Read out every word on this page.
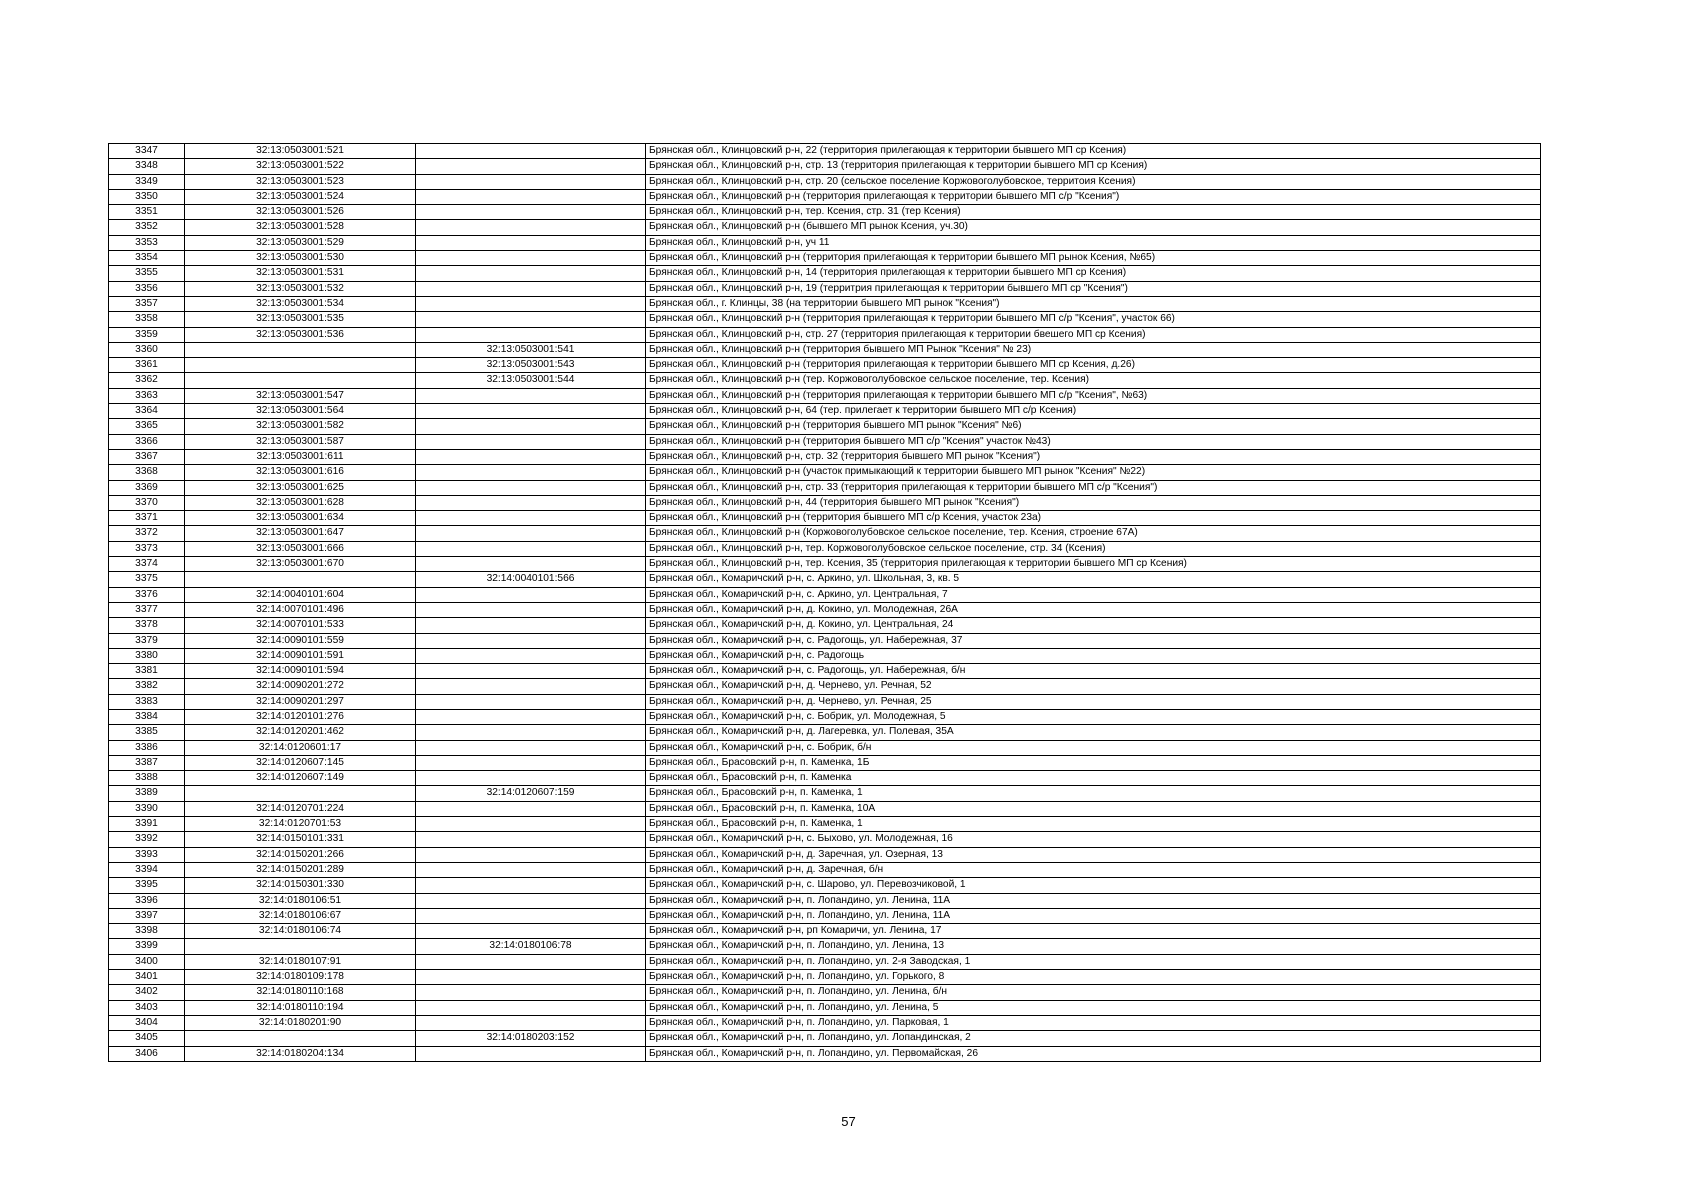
3347	32:13:0503001:521		Брянская обл., Клинцовский р-н, 22 (территория прилегающая к территории бывшего МП ср Ксения)
3348	32:13:0503001:522		Брянская обл., Клинцовский р-н, стр. 13 (территория прилегающая к территории бывшего МП ср Ксения)
3349	32:13:0503001:523		Брянская обл., Клинцовский р-н, стр. 20 (сельское поселение Коржовоголубовское, территоия Ксения)
3350	32:13:0503001:524		Брянская обл., Клинцовский р-н (территория прилегающая к территории бывшего МП с/р "Ксения")
3351	32:13:0503001:526		Брянская обл., Клинцовский р-н, тер. Ксения, стр. 31 (тер Ксения)
3352	32:13:0503001:528		Брянская обл., Клинцовский р-н (бывшего МП рынок Ксения, уч.30)
3353	32:13:0503001:529		Брянская обл., Клинцовский р-н, уч 11
3354	32:13:0503001:530		Брянская обл., Клинцовский р-н (территория прилегающая к территории бывшего МП рынок Ксения, №65)
3355	32:13:0503001:531		Брянская обл., Клинцовский р-н, 14 (территория прилегающая к территории бывшего МП ср Ксения)
3356	32:13:0503001:532		Брянская обл., Клинцовский р-н, 19 (территрия прилегающая к территории бывшего МП ср "Ксения")
3357	32:13:0503001:534		Брянская обл., г. Клинцы, 38 (на территории бывшего МП рынок "Ксения")
3358	32:13:0503001:535		Брянская обл., Клинцовский р-н (территория прилегающая к территории бывшего МП с/р "Ксения", участок 66)
3359	32:13:0503001:536		Брянская обл., Клинцовский р-н, стр. 27 (территория прилегающая к территории бвешего МП ср Ксения)
3360		32:13:0503001:541	Брянская обл., Клинцовский р-н (территория бывшего МП Рынок "Ксения" № 23)
3361		32:13:0503001:543	Брянская обл., Клинцовский р-н (территория прилегающая к территории бывшего МП ср Ксения, д.26)
3362		32:13:0503001:544	Брянская обл., Клинцовский р-н (тер. Коржовоголубовское сельское поселение, тер. Ксения)
3363	32:13:0503001:547		Брянская обл., Клинцовский р-н (территория прилегающая к территории бывшего МП с/р "Ксения", №63)
3364	32:13:0503001:564		Брянская обл., Клинцовский р-н, 64 (тер. прилегает к территории бывшего МП с/р Ксения)
3365	32:13:0503001:582		Брянская обл., Клинцовский р-н (территория бывшего МП рынок "Ксения" №6)
3366	32:13:0503001:587		Брянская обл., Клинцовский р-н (территория бывшего МП с/р "Ксения" участок №43)
3367	32:13:0503001:611		Брянская обл., Клинцовский р-н, стр. 32 (территория бывшего МП рынок "Ксения")
3368	32:13:0503001:616		Брянская обл., Клинцовский р-н (участок примыкающий к территории бывшего МП рынок "Ксения" №22)
3369	32:13:0503001:625		Брянская обл., Клинцовский р-н, стр. 33 (территория прилегающая к территории бывшего МП с/р "Ксения")
3370	32:13:0503001:628		Брянская обл., Клинцовский р-н, 44 (территория бывшего МП рынок "Ксения")
3371	32:13:0503001:634		Брянская обл., Клинцовский р-н (территория бывшего МП с/р Ксения, участок 23а)
3372	32:13:0503001:647		Брянская обл., Клинцовский р-н (Коржовоголубовское сельское поселение, тер. Ксения, строение 67А)
3373	32:13:0503001:666		Брянская обл., Клинцовский р-н, тер. Коржовоголубовское сельское поселение, стр. 34 (Ксения)
3374	32:13:0503001:670		Брянская обл., Клинцовский р-н, тер. Ксения, 35 (территория прилегающая к территории бывшего МП ср Ксения)
3375		32:14:0040101:566	Брянская обл., Комаричский р-н, с. Аркино, ул. Школьная, 3, кв. 5
3376	32:14:0040101:604		Брянская обл., Комаричский р-н, с. Аркино, ул. Центральная, 7
3377	32:14:0070101:496		Брянская обл., Комаричский р-н, д. Кокино, ул. Молодежная, 26А
3378	32:14:0070101:533		Брянская обл., Комаричский р-н, д. Кокино, ул. Центральная, 24
3379	32:14:0090101:559		Брянская обл., Комаричский р-н, с. Радогощь, ул. Набережная, 37
3380	32:14:0090101:591		Брянская обл., Комаричский р-н, с. Радогощь
3381	32:14:0090101:594		Брянская обл., Комаричский р-н, с. Радогощь, ул. Набережная, б/н
3382	32:14:0090201:272		Брянская обл., Комаричский р-н, д. Чернево, ул. Речная, 52
3383	32:14:0090201:297		Брянская обл., Комаричский р-н, д. Чернево, ул. Речная, 25
3384	32:14:0120101:276		Брянская обл., Комаричский р-н, с. Бобрик, ул. Молодежная, 5
3385	32:14:0120201:462		Брянская обл., Комаричский р-н, д. Лагеревка, ул. Полевая, 35А
3386	32:14:0120601:17		Брянская обл., Комаричский р-н, с. Бобрик, б/н
3387	32:14:0120607:145		Брянская обл., Брасовский р-н, п. Каменка, 1Б
3388	32:14:0120607:149		Брянская обл., Брасовский р-н, п. Каменка
3389		32:14:0120607:159	Брянская обл., Брасовский р-н, п. Каменка, 1
3390	32:14:0120701:224		Брянская обл., Брасовский р-н, п. Каменка, 10А
3391	32:14:0120701:53		Брянская обл., Брасовский р-н, п. Каменка, 1
3392	32:14:0150101:331		Брянская обл., Комаричский р-н, с. Быхово, ул. Молодежная, 16
3393	32:14:0150201:266		Брянская обл., Комаричский р-н, д. Заречная, ул. Озерная, 13
3394	32:14:0150201:289		Брянская обл., Комаричский р-н, д. Заречная, б/н
3395	32:14:0150301:330		Брянская обл., Комаричский р-н, с. Шарово, ул. Перевозчиковой, 1
3396	32:14:0180106:51		Брянская обл., Комаричский р-н, п. Лопандино, ул. Ленина, 11А
3397	32:14:0180106:67		Брянская обл., Комаричский р-н, п. Лопандино, ул. Ленина, 11А
3398	32:14:0180106:74		Брянская обл., Комаричский р-н, рп Комаричи, ул. Ленина, 17
3399		32:14:0180106:78	Брянская обл., Комаричский р-н, п. Лопандино, ул. Ленина, 13
3400	32:14:0180107:91		Брянская обл., Комаричский р-н, п. Лопандино, ул. 2-я Заводская, 1
3401	32:14:0180109:178		Брянская обл., Комаричский р-н, п. Лопандино, ул. Горького, 8
3402	32:14:0180110:168		Брянская обл., Комаричский р-н, п. Лопандино, ул. Ленина, б/н
3403	32:14:0180110:194		Брянская обл., Комаричский р-н, п. Лопандино, ул. Ленина, 5
3404	32:14:0180201:90		Брянская обл., Комаричский р-н, п. Лопандино, ул. Парковая, 1
3405		32:14:0180203:152	Брянская обл., Комаричский р-н, п. Лопандино, ул. Лопандинская, 2
3406	32:14:0180204:134		Брянская обл., Комаричский р-н, п. Лопандино, ул. Первомайская, 26
57
